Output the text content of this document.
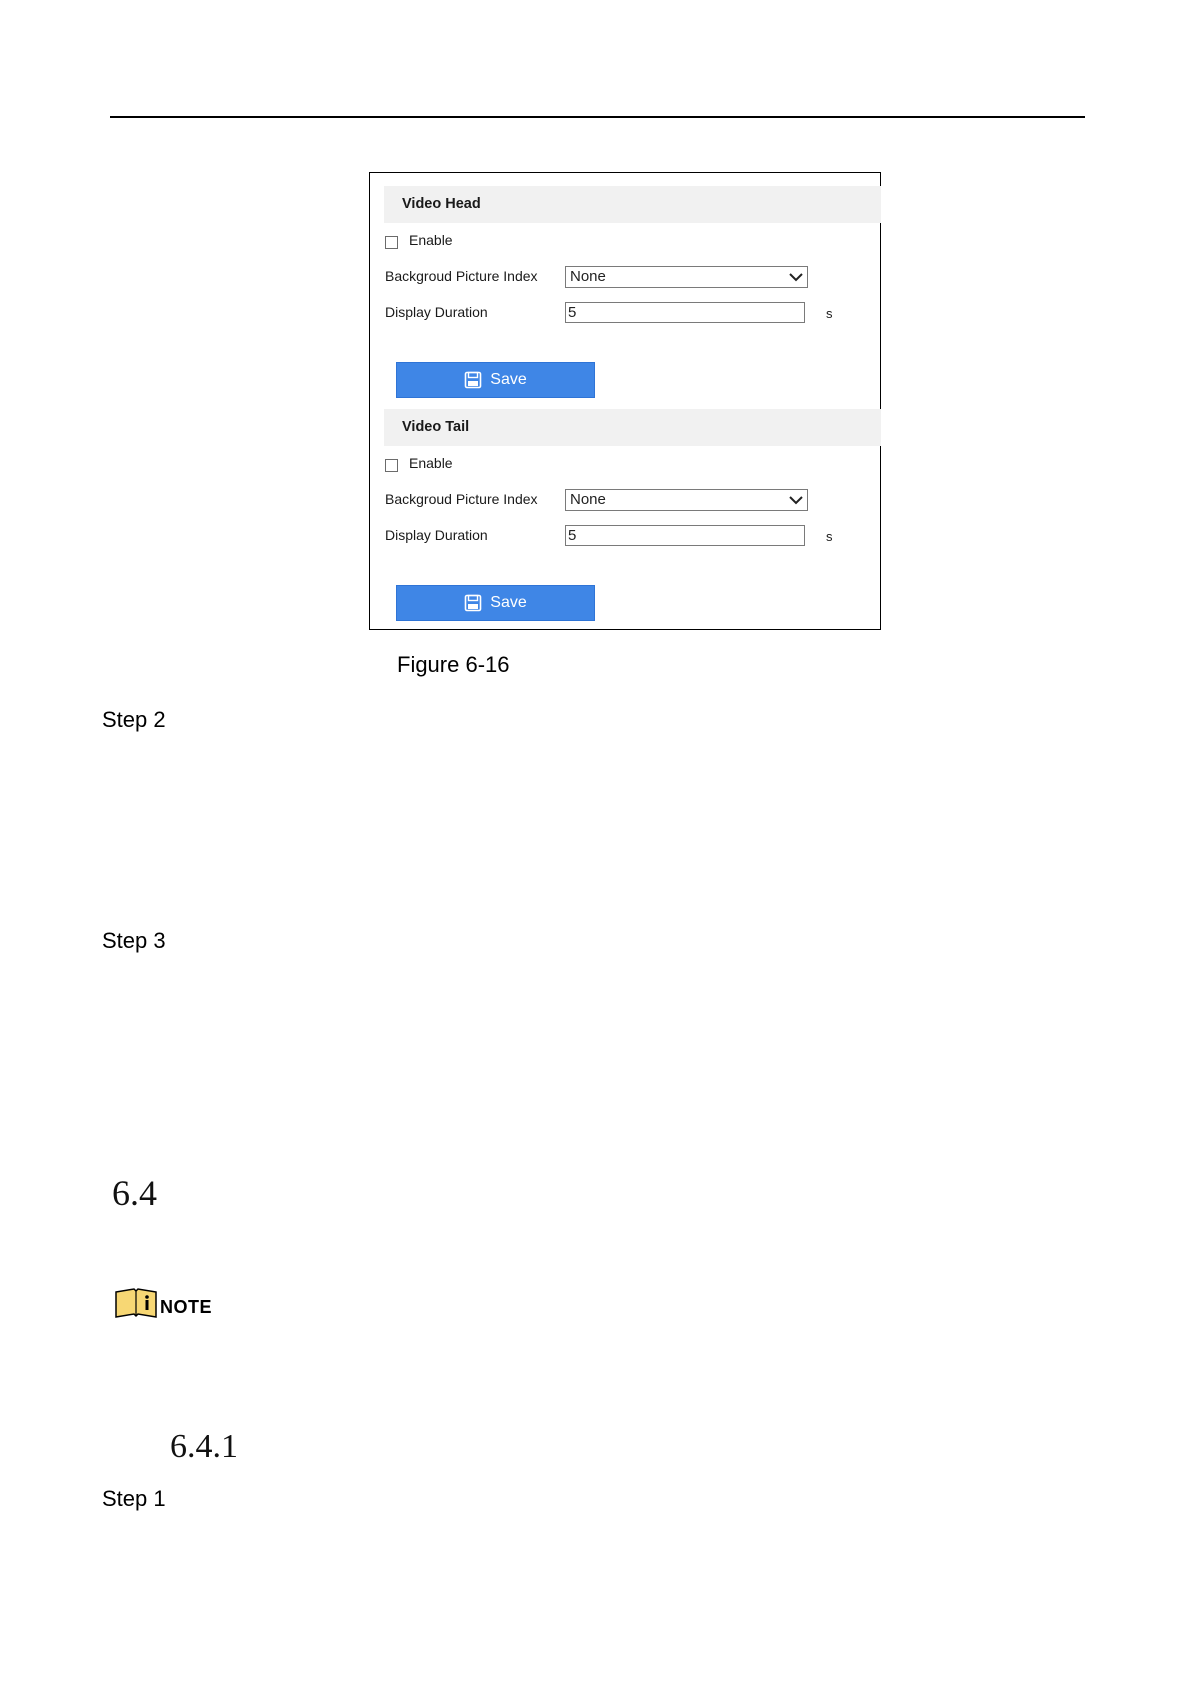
Video Head
Enable
Backgroud Picture Index	None
Display Duration	5	s
Save
Video Tail
Enable
Backgroud Picture Index	None
Display Duration	5	s
Save
Figure 6-16
Step 2
Step 3
6.4
NOTE
6.4.1
Step 1
